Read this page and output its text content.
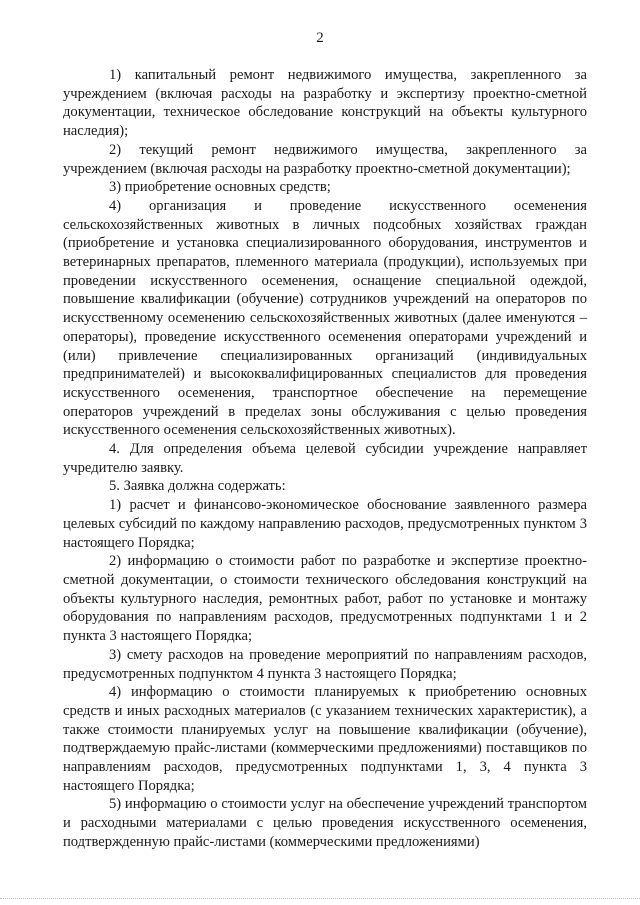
2

1) капитальный ремонт недвижимого имущества, закрепленного за учреждением (включая расходы на разработку и экспертизу проектно-сметной документации, техническое обследование конструкций на объекты культурного наследия);

2) текущий ремонт недвижимого имущества, закрепленного за учреждением (включая расходы на разработку проектно-сметной документации);

3) приобретение основных средств;

4) организация и проведение искусственного осеменения сельскохозяйственных животных в личных подсобных хозяйствах граждан (приобретение и установка специализированного оборудования, инструментов и ветеринарных препаратов, племенного материала (продукции), используемых при проведении искусственного осеменения, оснащение специальной одеждой, повышение квалификации (обучение) сотрудников учреждений на операторов по искусственному осеменению сельскохозяйственных животных (далее именуются – операторы), проведение искусственного осеменения операторами учреждений и (или) привлечение специализированных организаций (индивидуальных предпринимателей) и высококвалифицированных специалистов для проведения искусственного осеменения, транспортное обеспечение на перемещение операторов учреждений в пределах зоны обслуживания с целью проведения искусственного осеменения сельскохозяйственных животных).

4. Для определения объема целевой субсидии учреждение направляет учредителю заявку.

5. Заявка должна содержать:

1) расчет и финансово-экономическое обоснование заявленного размера целевых субсидий по каждому направлению расходов, предусмотренных пунктом 3 настоящего Порядка;

2) информацию о стоимости работ по разработке и экспертизе проектно-сметной документации, о стоимости технического обследования конструкций на объекты культурного наследия, ремонтных работ, работ по установке и монтажу оборудования по направлениям расходов, предусмотренных подпунктами 1 и 2 пункта 3 настоящего Порядка;

3) смету расходов на проведение мероприятий по направлениям расходов, предусмотренных подпунктом 4 пункта 3 настоящего Порядка;

4) информацию о стоимости планируемых к приобретению основных средств и иных расходных материалов (с указанием технических характеристик), а также стоимости планируемых услуг на повышение квалификации (обучение), подтверждаемую прайс-листами (коммерческими предложениями) поставщиков по направлениям расходов, предусмотренных подпунктами 1, 3, 4 пункта 3 настоящего Порядка;

5) информацию о стоимости услуг на обеспечение учреждений транспортом и расходными материалами с целью проведения искусственного осеменения, подтвержденную прайс-листами (коммерческими предложениями)
